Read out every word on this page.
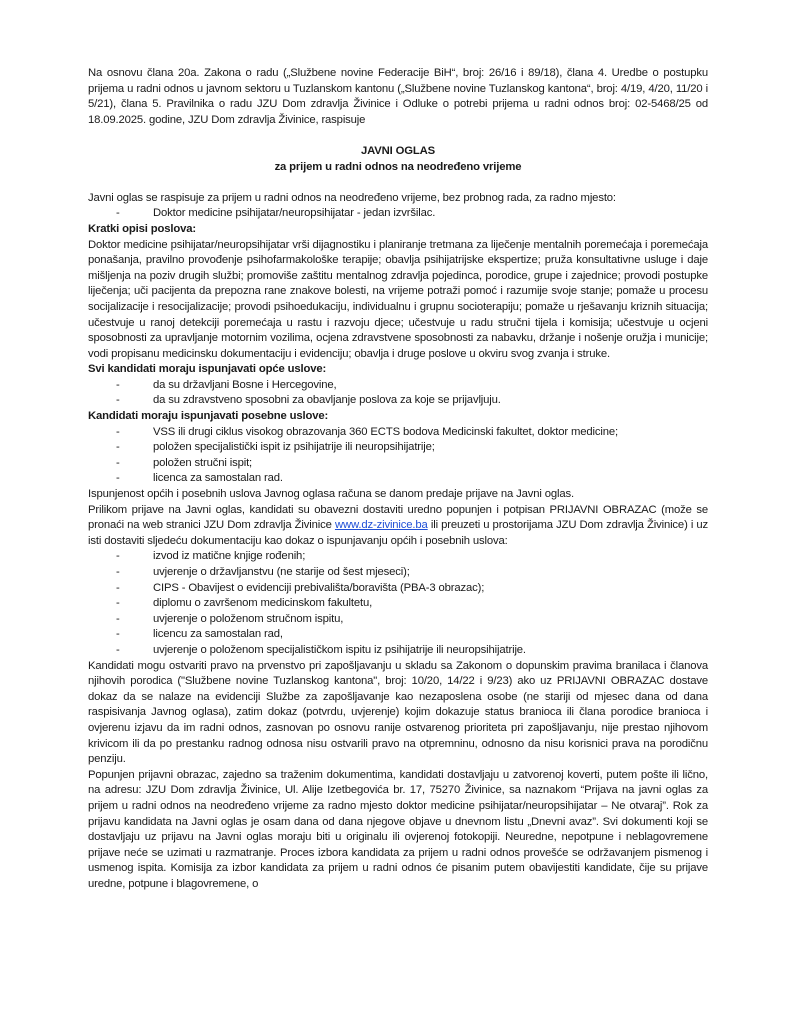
Na osnovu člana 20a. Zakona o radu („Službene novine Federacije BiH“, broj: 26/16 i 89/18), člana 4. Uredbe o postupku prijema u radni odnos u javnom sektoru u Tuzlanskom kantonu („Službene novine Tuzlanskog kantona“, broj: 4/19, 4/20, 11/20 i 5/21), člana 5. Pravilnika o radu JZU Dom zdravlja Živinice i Odluke o potrebi prijema u radni odnos broj: 02-5468/25 od 18.09.2025. godine, JZU Dom zdravlja Živinice, raspisuje

JAVNI OGLAS

za prijem u radni odnos na neodređeno vrijeme

Javni oglas se raspisuje za prijem u radni odnos na neodređeno vrijeme, bez probnog rada, za radno mjesto:

-	Doktor medicine psihijatar/neuropsihijatar - jedan izvršilac.

Kratki opisi poslova:

Doktor medicine psihijatar/neuropsihijatar vrši dijagnostiku i planiranje tretmana za liječenje mentalnih poremećaja i poremećaja ponašanja, pravilno provođenje psihofarmakološke terapije; obavlja psihijatrijske ekspertize; pruža konsultativne usluge i daje mišljenja na poziv drugih službi; promoviše zaštitu mentalnog zdravlja pojedinca, porodice, grupe i zajednice; provodi postupke liječenja; uči pacijenta da prepozna rane znakove bolesti, na vrijeme potraži pomoć i razumije svoje stanje; pomaže u procesu socijalizacije i resocijalizacije; provodi psihoedukaciju, individualnu i grupnu socioterapiju; pomaže u rješavanju kriznih situacija; učestvuje u ranoj detekciji poremećaja u rastu i razvoju djece; učestvuje u radu stručni tijela i komisija; učestvuje u ocjeni sposobnosti za upravljanje motornim vozilima, ocjena zdravstvene sposobnosti za nabavku, držanje i nošenje oružja i municije; vodi propisanu medicinsku dokumentaciju i evidenciju; obavlja i druge poslove u okviru svog zvanja i struke.

Svi kandidati moraju ispunjavati opće uslove:

-	da su državljani Bosne i Hercegovine,
-	da su zdravstveno sposobni za obavljanje poslova za koje se prijavljuju.

Kandidati moraju ispunjavati posebne uslove:

-	VSS ili drugi ciklus visokog obrazovanja 360 ECTS bodova Medicinski fakultet, doktor medicine;
-	položen specijalistički ispit iz psihijatrije ili neuropsihijatrije;
-	položen stručni ispit;
-	licenca za samostalan rad.

Ispunjenost općih i posebnih uslova Javnog oglasa računa se danom predaje prijave na Javni oglas.

Prilikom prijave na Javni oglas, kandidati su obavezni dostaviti uredno popunjen i potpisan PRIJAVNI OBRAZAC (može se pronaći na web stranici JZU Dom zdravlja Živinice www.dz-zivinice.ba ili preuzeti u prostorijama JZU Dom zdravlja Živinice) i uz isti dostaviti sljedeću dokumentaciju kao dokaz o ispunjavanju općih i posebnih uslova:

-	izvod iz matične knjige rođenih;
-	uvjerenje o državljanstvu (ne starije od šest mjeseci);
-	CIPS - Obavijest o evidenciji prebivališta/boravišta (PBA-3 obrazac);
-	diplomu o završenom medicinskom fakultetu,
-	uvjerenje o položenom stručnom ispitu,
-	licencu za samostalan rad,
-	uvjerenje o položenom specijalističkom ispitu iz psihijatrije ili neuropsihijatrije.

Kandidati mogu ostvariti pravo na prvenstvo pri zapošljavanju u skladu sa Zakonom o dopunskim pravima branilaca i članova njihovih porodica ("Službene novine Tuzlanskog kantona", broj: 10/20, 14/22 i 9/23) ako uz PRIJAVNI OBRAZAC dostave dokaz da se nalaze na evidenciji Službe za zapošljavanje kao nezaposlena osobe (ne stariji od mjesec dana od dana raspisivanja Javnog oglasa), zatim dokaz (potvrdu, uvjerenje) kojim dokazuje status branioca ili člana porodice branioca i ovjerenu izjavu da im radni odnos, zasnovan po osnovu ranije ostvarenog prioriteta pri zapošljavanju, nije prestao njihovom krivicom ili da po prestanku radnog odnosa nisu ostvarili pravo na otpremninu, odnosno da nisu korisnici prava na porodičnu penziju.

Popunjen prijavni obrazac, zajedno sa traženim dokumentima, kandidati dostavljaju u zatvorenoj koverti, putem pošte ili lično, na adresu: JZU Dom zdravlja Živinice, Ul. Alije Izetbegovića br. 17, 75270 Živinice, sa naznakom “Prijava na javni oglas za prijem u radni odnos na neodređeno vrijeme za radno mjesto doktor medicine psihijatar/neuropsihijatar – Ne otvaraj”. Rok za prijavu kandidata na Javni oglas je osam dana od dana njegove objave u dnevnom listu „Dnevni avaz”. Svi dokumenti koji se dostavljaju uz prijavu na Javni oglas moraju biti u originalu ili ovjerenoj fotokopiji. Neuredne, nepotpune i neblagovremene prijave neće se uzimati u razmatranje. Proces izbora kandidata za prijem u radni odnos provešće se održavanjem pismenog i usmenog ispita. Komisija za izbor kandidata za prijem u radni odnos će pisanim putem obavijestiti kandidate, čije su prijave uredne, potpune i blagovremene, o
